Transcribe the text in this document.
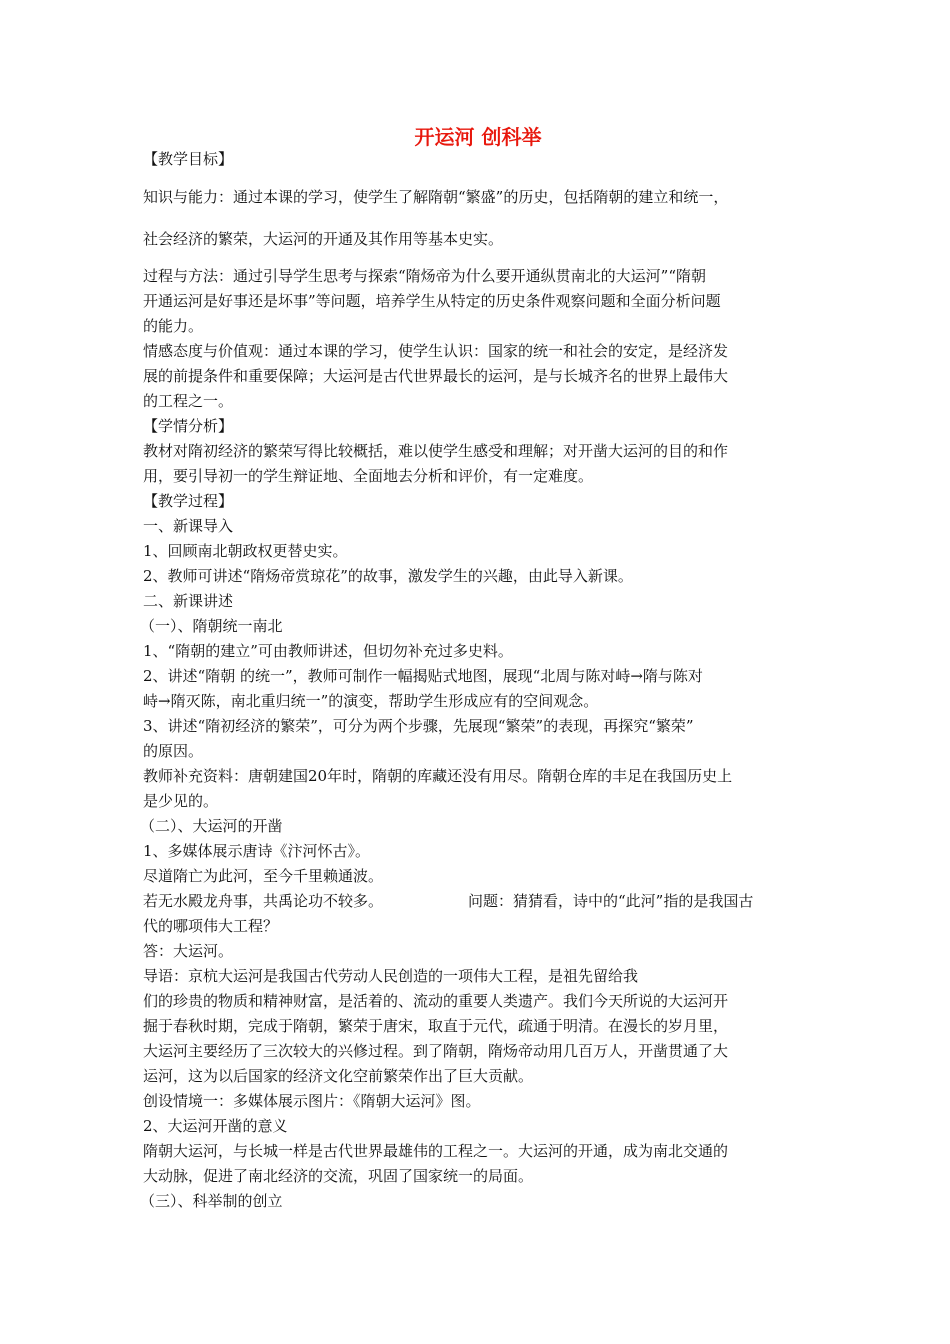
开运河 创科举
【教学目标】
知识与能力：通过本课的学习，使学生了解隋朝“繁盛”的历史，包括隋朝的建立和统一，
社会经济的繁荣，大运河的开通及其作用等基本史实。
过程与方法：通过引导学生思考与探索“隋炀帝为什么要开通纵贯南北的大运河”“隋朝
开通运河是好事还是坏事”等问题，培养学生从特定的历史条件观察问题和全面分析问题
的能力。
情感态度与价值观：通过本课的学习，使学生认识：国家的统一和社会的安定，是经济发
展的前提条件和重要保障；大运河是古代世界最长的运河，是与长城齐名的世界上最伟大
的工程之一。
【学情分析】
教材对隋初经济的繁荣写得比较概括，难以使学生感受和理解；对开凿大运河的目的和作
用，要引导初一的学生辩证地、全面地去分析和评价，有一定难度。
【教学过程】
一、新课导入
1、回顾南北朝政权更替史实。
2、教师可讲述“隋炀帝赏琼花”的故事，激发学生的兴趣，由此导入新课。
二、新课讲述
（一）、隋朝统一南北
1、“隋朝的建立”可由教师讲述，但切勿补充过多史料。
2、讲述“隋朝 的统一”，教师可制作一幅揭贴式地图，展现“北周与陈对峙→隋与陈对
峙→隋灭陈，南北重归统一”的演变，帮助学生形成应有的空间观念。
3、讲述“隋初经济的繁荣”，可分为两个步骤，先展现“繁荣”的表现，再探究“繁荣”
的原因。
教师补充资料：唐朝建国20年时，隋朝的库藏还没有用尽。隋朝仓库的丰足在我国历史上
是少见的。
（二）、大运河的开凿
1、多媒体展示唐诗《汴河怀古》。
尽道隋亡为此河，至今千里赖通波。
若无水殿龙舟事，共禹论功不较多。	问题：猜猜看，诗中的“此河”指的是我国古
代的哪项伟大工程？
答：大运河。
导语：京杭大运河是我国古代劳动人民创造的一项伟大工程，是祖先留给我
们的珍贵的物质和精神财富，是活着的、流动的重要人类遗产。我们今天所说的大运河开
掘于春秋时期，完成于隋朝，繁荣于唐宋，取直于元代，疏通于明清。在漫长的岁月里，
大运河主要经历了三次较大的兴修过程。到了隋朝，隋炀帝动用几百万人，开凿贯通了大
运河，这为以后国家的经济文化空前繁荣作出了巨大贡献。
创设情境一：多媒体展示图片：《隋朝大运河》图。
2、大运河开凿的意义
隋朝大运河，与长城一样是古代世界最雄伟的工程之一。大运河的开通，成为南北交通的
大动脉，促进了南北经济的交流，巩固了国家统一的局面。
（三）、科举制的创立
